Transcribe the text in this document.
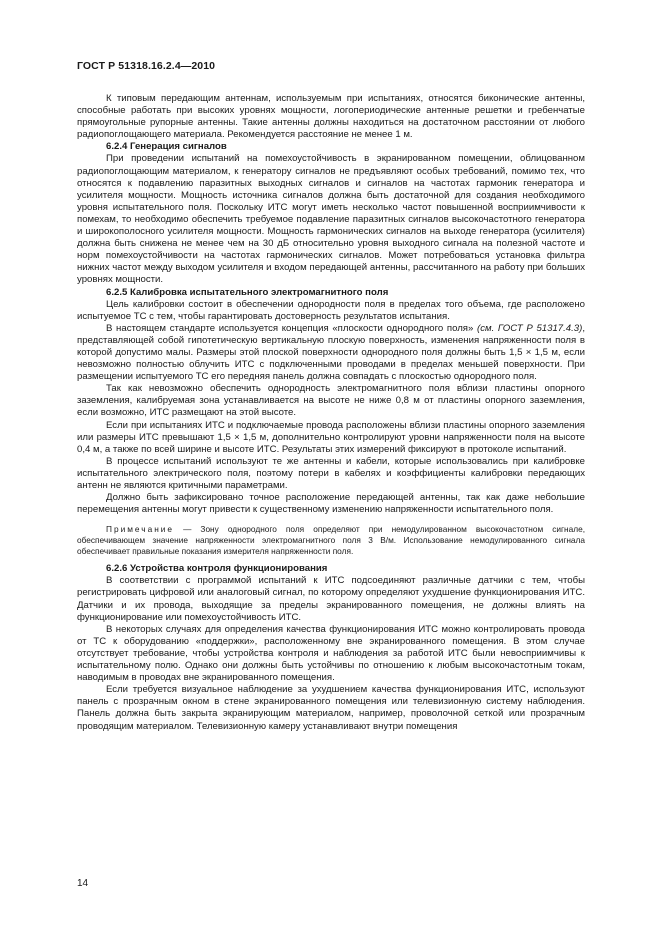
ГОСТ Р 51318.16.2.4—2010

К типовым передающим антеннам, используемым при испытаниях, относятся биконические антенны, способные работать при высоких уровнях мощности, логопериодические антенные решетки и гребенчатые прямоугольные рупорные антенны. Такие антенны должны находиться на достаточном расстоянии от любого радиопоглощающего материала. Рекомендуется расстояние не менее 1 м.

6.2.4 Генерация сигналов

При проведении испытаний на помехоустойчивость в экранированном помещении, облицованном радиопоглощающим материалом, к генератору сигналов не предъявляют особых требований, помимо тех, что относятся к подавлению паразитных выходных сигналов и сигналов на частотах гармоник генератора и усилителя мощности. Мощность источника сигналов должна быть достаточной для создания необходимого уровня испытательного поля. Поскольку ИТС могут иметь несколько частот повышенной восприимчивости к помехам, то необходимо обеспечить требуемое подавление паразитных сигналов высокочастотного генератора и широкополосного усилителя мощности. Мощность гармонических сигналов на выходе генератора (усилителя) должна быть снижена не менее чем на 30 дБ относительно уровня выходного сигнала на полезной частоте и норм помехоустойчивости на частотах гармонических сигналов. Может потребоваться установка фильтра нижних частот между выходом усилителя и входом передающей антенны, рассчитанного на работу при больших уровнях мощности.

6.2.5 Калибровка испытательного электромагнитного поля

Цель калибровки состоит в обеспечении однородности поля в пределах того объема, где расположено испытуемое ТС с тем, чтобы гарантировать достоверность результатов испытания.

В настоящем стандарте используется концепция «плоскости однородного поля» (см. ГОСТ Р 51317.4.3), представляющей собой гипотетическую вертикальную плоскую поверхность, изменения напряженности поля в которой допустимо малы. Размеры этой плоской поверхности однородного поля должны быть 1,5 × 1,5 м, если невозможно полностью облучить ИТС с подключенными проводами в пределах меньшей поверхности. При размещении испытуемого ТС его передняя панель должна совпадать с плоскостью однородного поля.

Так как невозможно обеспечить однородность электромагнитного поля вблизи пластины опорного заземления, калибруемая зона устанавливается на высоте не ниже 0,8 м от пластины опорного заземления, если возможно, ИТС размещают на этой высоте.

Если при испытаниях ИТС и подключаемые провода расположены вблизи пластины опорного заземления или размеры ИТС превышают 1,5 × 1,5 м, дополнительно контролируют уровни напряженности поля на высоте 0,4 м, а также по всей ширине и высоте ИТС. Результаты этих измерений фиксируют в протоколе испытаний.

В процессе испытаний используют те же антенны и кабели, которые использовались при калибровке испытательного электрического поля, поэтому потери в кабелях и коэффициенты калибровки передающих антенн не являются критичными параметрами.

Должно быть зафиксировано точное расположение передающей антенны, так как даже небольшие перемещения антенны могут привести к существенному изменению напряженности испытательного поля.

Примечание — Зону однородного поля определяют при немодулированном высокочастотном сигнале, обеспечивающем значение напряженности электромагнитного поля 3 В/м. Использование немодулированного сигнала обеспечивает правильные показания измерителя напряженности поля.

6.2.6 Устройства контроля функционирования

В соответствии с программой испытаний к ИТС подсоединяют различные датчики с тем, чтобы регистрировать цифровой или аналоговый сигнал, по которому определяют ухудшение функционирования ИТС. Датчики и их провода, выходящие за пределы экранированного помещения, не должны влиять на функционирование или помехоустойчивость ИТС.

В некоторых случаях для определения качества функционирования ИТС можно контролировать провода от ТС к оборудованию «поддержки», расположенному вне экранированного помещения. В этом случае отсутствует требование, чтобы устройства контроля и наблюдения за работой ИТС были невосприимчивы к испытательному полю. Однако они должны быть устойчивы по отношению к любым высокочастотным токам, наводимым в проводах вне экранированного помещения.

Если требуется визуальное наблюдение за ухудшением качества функционирования ИТС, используют панель с прозрачным окном в стене экранированного помещения или телевизионную систему наблюдения. Панель должна быть закрыта экранирующим материалом, например, проволочной сеткой или прозрачным проводящим материалом. Телевизионную камеру устанавливают внутри помещения

14
